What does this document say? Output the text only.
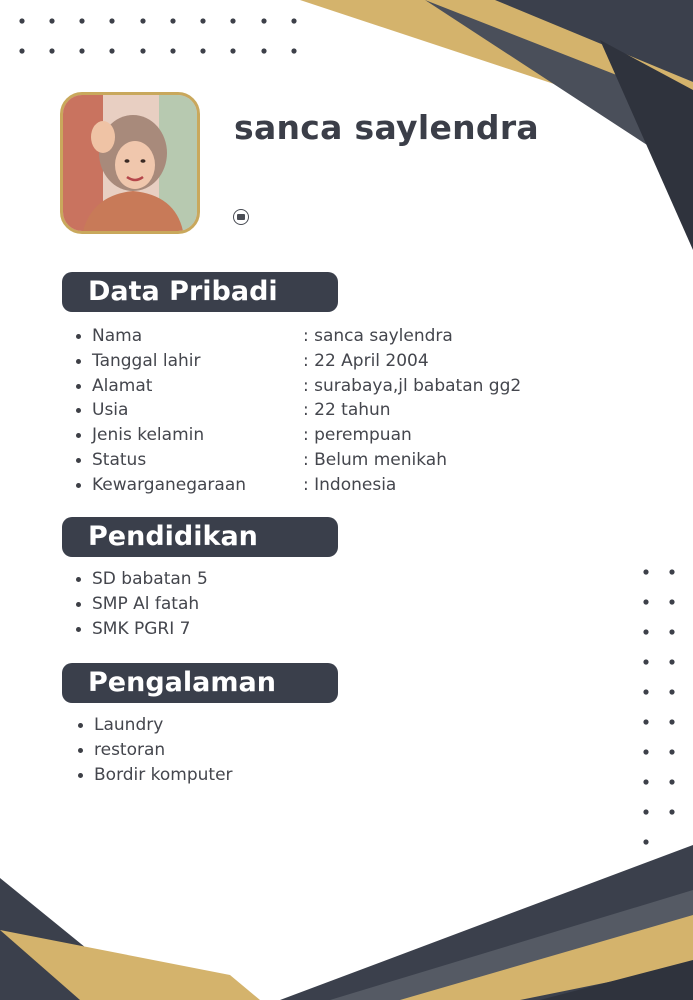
sanca saylendra
Data Pribadi
Nama	: sanca saylendra
Tanggal lahir	: 22 April 2004
Alamat	: surabaya,jl babatan gg2
Usia	: 22 tahun
Jenis kelamin	: perempuan
Status	: Belum menikah
Kewarganegaraan	: Indonesia
Pendidikan
SD babatan 5
SMP Al fatah
SMK PGRI 7
Pengalaman
Laundry
restoran
Bordir komputer
